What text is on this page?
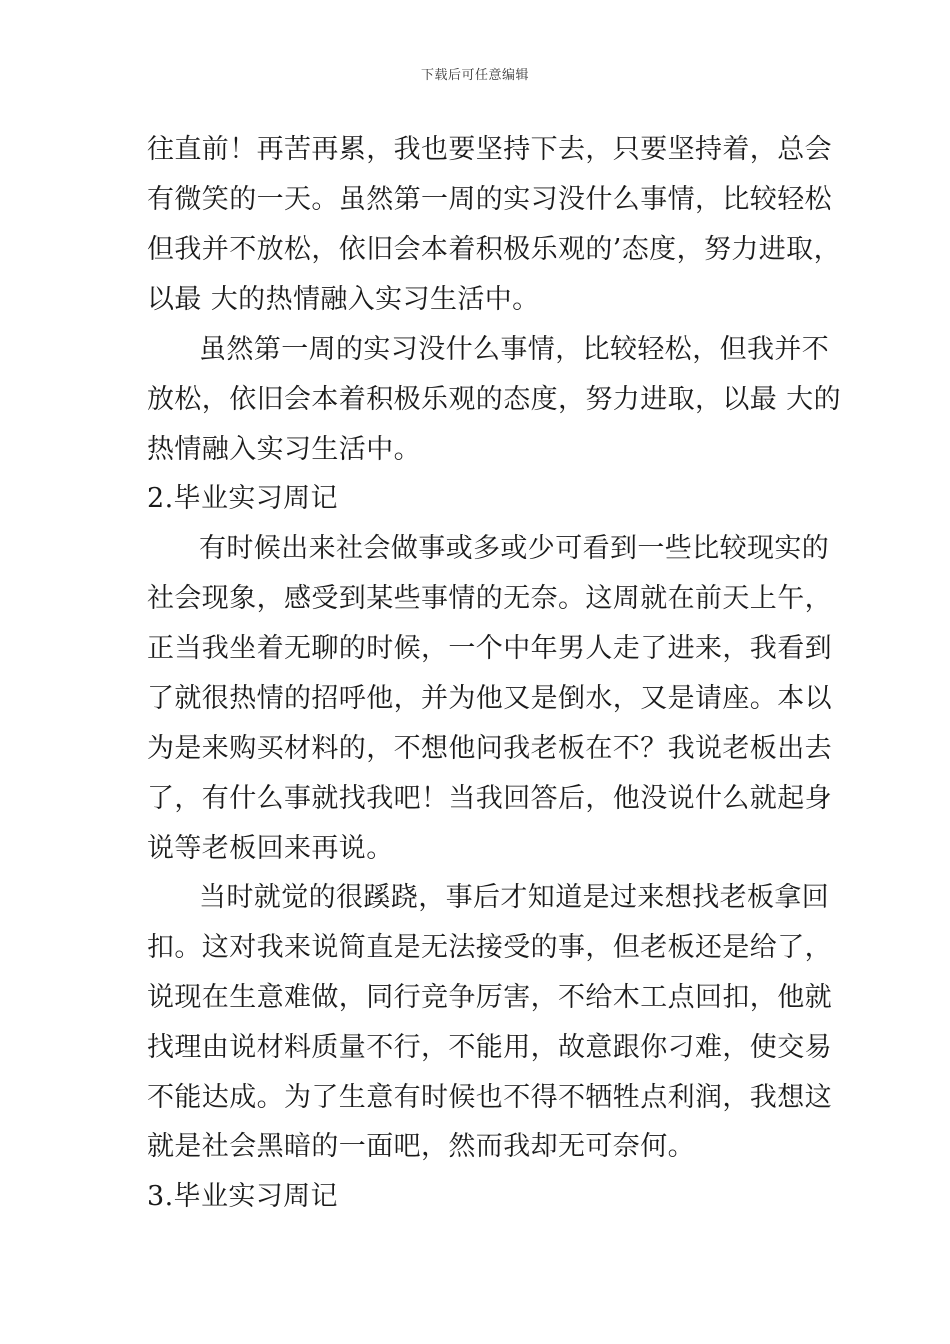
下载后可任意编辑
往直前！再苦再累，我也要坚持下去，只要坚持着，总会
有微笑的一天。虽然第一周的实习没什么事情，比较轻松
但我并不放松，依旧会本着积极乐观的’态度，努力进取，
以最 大的热情融入实习生活中。
虽然第一周的实习没什么事情，比较轻松，但我并不
放松，依旧会本着积极乐观的态度，努力进取，以最 大的
热情融入实习生活中。
2.毕业实习周记
有时候出来社会做事或多或少可看到一些比较现实的
社会现象，感受到某些事情的无奈。这周就在前天上午，
正当我坐着无聊的时候，一个中年男人走了进来，我看到
了就很热情的招呼他，并为他又是倒水，又是请座。本以
为是来购买材料的，不想他问我老板在不？我说老板出去
了，有什么事就找我吧！当我回答后，他没说什么就起身
说等老板回来再说。
当时就觉的很蹊跷，事后才知道是过来想找老板拿回
扣。这对我来说简直是无法接受的事，但老板还是给了，
说现在生意难做，同行竞争厉害，不给木工点回扣，他就
找理由说材料质量不行，不能用，故意跟你刁难，使交易
不能达成。为了生意有时候也不得不牺牲点利润，我想这
就是社会黑暗的一面吧，然而我却无可奈何。
3.毕业实习周记
